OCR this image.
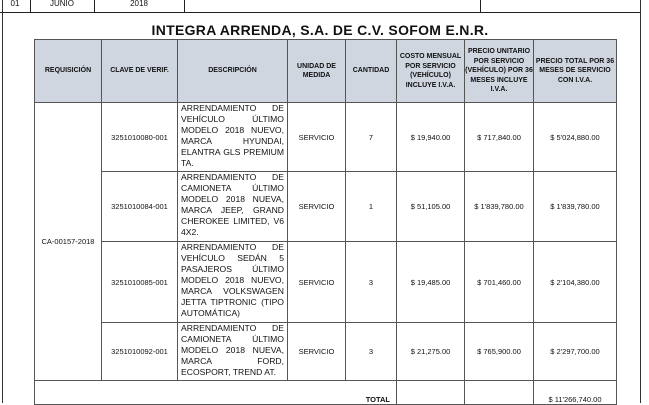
01	JUNIO	2018
INTEGRA ARRENDA, S.A. DE C.V. SOFOM E.N.R.
REQUISICIÓN	CLAVE DE VERIF.	DESCRIPCIÓN	UNIDAD DE MEDIDA	CANTIDAD	COSTO MENSUAL POR SERVICIO (VEHÍCULO) INCLUYE I.V.A.	PRECIO UNITARIO POR SERVICIO (VEHÍCULO) POR 36 MESES INCLUYE I.V.A.	PRECIO TOTAL POR 36 MESES DE SERVICIO CON I.V.A.
CA-00157-2018	3251010080-001	ARRENDAMIENTO DE VEHÍCULO ÚLTIMO MODELO 2018 NUEVO, MARCA HYUNDAI, ELANTRA GLS PREMIUM TA.	SERVICIO	7	$ 19,940.00	$ 717,840.00	$ 5'024,880.00
	3251010084-001	ARRENDAMIENTO DE CAMIONETA ÚLTIMO MODELO 2018 NUEVA, MARCA JEEP, GRAND CHEROKEE LIMITED, V6 4X2.	SERVICIO	1	$ 51,105.00	$ 1'839,780.00	$ 1'839,780.00
	3251010085-001	ARRENDAMIENTO DE VEHÍCULO SEDÁN 5 PASAJEROS ÚLTIMO MODELO 2018 NUEVO, MARCA VOLKSWAGEN JETTA TIPTRONIC (TIPO AUTOMÁTICA)	SERVICIO	3	$ 19,485.00	$ 701,460.00	$ 2'104,380.00
	3251010092-001	ARRENDAMIENTO DE CAMIONETA ÚLTIMO MODELO 2018 NUEVA, MARCA FORD, ECOSPORT, TREND AT.	SERVICIO	3	$ 21,275.00	$ 765,900.00	$ 2'297,700.00
TOTAL							$ 11'266,740.00
